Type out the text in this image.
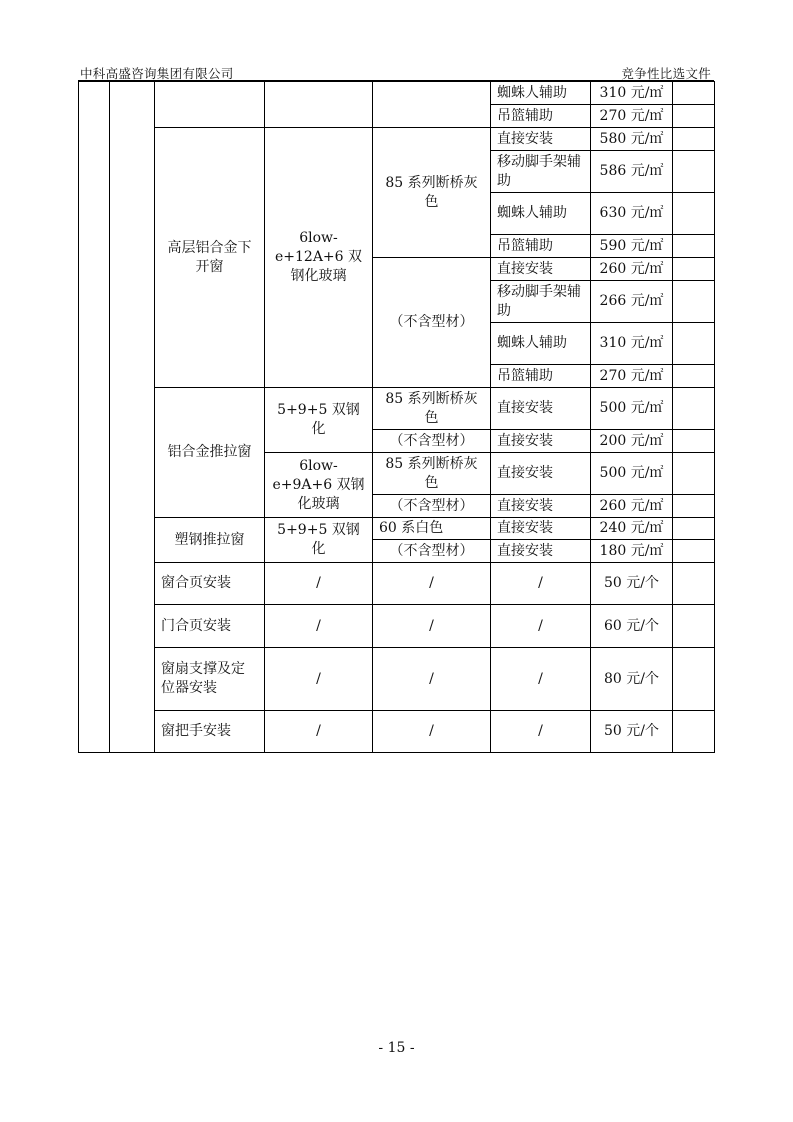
中科高盛咨询集团有限公司	竞争性比选文件
					蜘蛛人辅助	310 元/㎡	
					吊篮辅助	270 元/㎡	
		高层铝合金下开窗	6low-e+12A+6 双钢化玻璃	85 系列断桥灰色	直接安装	580 元/㎡	
					移动脚手架辅助	586 元/㎡	
					蜘蛛人辅助	630 元/㎡	
					吊篮辅助	590 元/㎡	
				（不含型材）	直接安装	260 元/㎡	
					移动脚手架辅助	266 元/㎡	
					蜘蛛人辅助	310 元/㎡	
					吊篮辅助	270 元/㎡	
		铝合金推拉窗	5+9+5 双钢化	85 系列断桥灰色	直接安装	500 元/㎡	
				（不含型材）	直接安装	200 元/㎡	
			6low-e+9A+6 双钢化玻璃	85 系列断桥灰色	直接安装	500 元/㎡	
				（不含型材）	直接安装	260 元/㎡	
		塑钢推拉窗	5+9+5 双钢化	60 系白色	直接安装	240 元/㎡	
				（不含型材）	直接安装	180 元/㎡	
		窗合页安装	/	/	/	50 元/个	
		门合页安装	/	/	/	60 元/个	
		窗扇支撑及定位器安装	/	/	/	80 元/个	
		窗把手安装	/	/	/	50 元/个	
- 15 -
